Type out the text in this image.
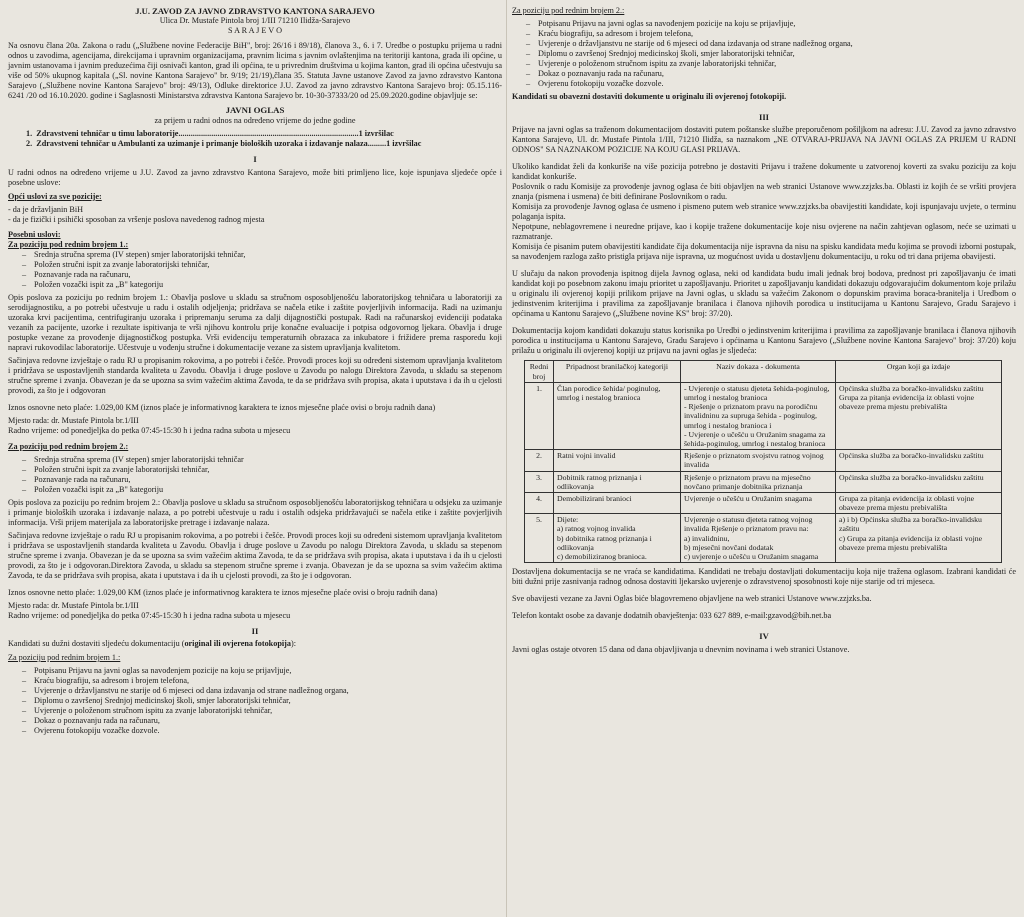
J.U. ZAVOD ZA JAVNO ZDRAVSTVO KANTONA SARAJEVO

Ulica Dr. Mustafe Pintola broj 1/III 71210 Ilidža-Sarajevo

S A R A J E V O

Na osnovu člana 20a. Zakona o radu („Službene novine Federacije BiH", broj: 26/16 i 89/18), članova 3., 6. i 7. Uredbe o postupku prijema u radni odnos u zavodima, agencijama, direkcijama i upravnim organizacijama, pravnim licima s javnim ovlaštenjima na teritoriji kantona, grada ili općine, u javnim ustanovama i javnim preduzećima čiji osnivači kanton, grad ili općina, te u privrednim društvima u kojima kanton, grad ili općina učestvuju sa više od 50% ukupnog kapitala („Sl. novine Kantona Sarajevo" br. 9/19; 21/19),člana 35. Statuta Javne ustanove Zavod za javno zdravstvo Kantona Sarajevo („Službene novine Kantona Sarajevo" broj: 49/13), Odluke direktorice J.U. Zavod za javno zdravstvo Kantona Sarajevo broj: 05.15.116-6241 /20 od 16.10.2020. godine i Saglasnosti Ministarstva zdravstva Kantona Sarajevo br. 10-30-37333/20 od 25.09.2020.godine objavljuje se:

JAVNI OGLAS

za prijem u radni odnos na određeno vrijeme do jedne godine

1. Zdravstveni tehničar u timu laboratorije........................................................................................1 izvršilac
2. Zdravstveni tehničar u Ambulanti za uzimanje i primanje bioloških uzoraka i izdavanje nalaza.........1 izvršilac

I

U radni odnos na određeno vrijeme u J.U. Zavod za javno zdravstvo Kantona Sarajevo, može biti primljeno lice, koje ispunjava sljedeće opće i posebne uslove:

Opći uslovi za sve pozicije:

- da je državljanin BiH

- da je fizički i psihički sposoban za vršenje poslova navedenog radnog mjesta

Posebni uslovi:

Za poziciju pod rednim brojem 1.:

– Srednja stručna sprema (IV stepen) smjer laboratorijski tehničar,
– Položen stručni ispit za zvanje laboratorijski tehničar,
– Poznavanje rada na računaru,
– Položen vozački ispit za „B" kategoriju

Opis poslova za poziciju po rednim brojem 1.: Obavlja poslove u skladu sa stručnom osposobljenošću laboratorijskog tehničara u laboratoriji za serodijagnostiku, a po potrebi učestvuje u radu i ostalih odjeljenja; pridržava se načela etike i zaštite povjerljivih informacija. Radi na uzimanju uzoraka krvi pacijentima, centrifugiranju uzoraka i pripremanju seruma za dalji dijagnostički postupak. Radi na računarskoj evidenciji podataka vezanih za pacijente, uzorke i rezultate ispitivanja te vrši njihovu kontrolu prije konačne evaluacije i potpisa odgovornog ljekara. Obavlja i druge postupke vezane za provođenje dijagnostičkog postupka. Vrši evidenciju temperaturnih obrazaca za inkubatore i frižidere prema rasporedu koji napravi rukovodilac laboratorije. Učestvuje u vođenju stručne i dokumentacije vezane za sistem upravljanja kvalitetom.

Sačinjava redovne izvještaje o radu RJ u propisanim rokovima, a po potrebi i češće. Provodi proces koji su određeni sistemom upravljanja kvalitetom i pridržava se uspostavljenih standarda kvaliteta u Zavodu. Obavlja i druge poslove u Zavodu po nalogu Direktora Zavoda, u skladu sa stepenom stručne spreme i zvanja. Obavezan je da se upozna sa svim važećim aktima Zavoda, te da se pridržava svih propisa, akata i uputstava i da ih u cjelosti provodi, za što je i odgovoran

Iznos osnovne neto plaće: 1.029,00 KM (iznos plaće je informativnog karaktera te iznos mjesečne plaće ovisi o broju radnih dana)

Mjesto rada: dr. Mustafe Pintola br.1/III

Radno vrijeme: od ponedjeljka do petka 07:45-15:30 h i jedna radna subota u mjesecu

Za poziciju pod rednim brojem 2.:

– Srednja stručna sprema (IV stepen) smjer laboratorijski tehničar
– Položen stručni ispit za zvanje laboratorijski tehničar,
– Poznavanje rada na računaru,
– Položen vozački ispit za „B" kategoriju

Opis poslova za poziciju po rednim brojem 2.: Obavlja poslove u skladu sa stručnom osposobljenošću laboratorijskog tehničara u odsjeku za uzimanje i primanje bioloških uzoraka i izdavanje nalaza, a po potrebi učestvuje u radu i ostalih odsjeka pridržavajući se načela etike i zaštite povjerljivih informacija. Vrši prijem materijala za laboratorijske pretrage i izdavanje nalaza.

Sačinjava redovne izvještaje o radu RJ u propisanim rokovima, a po potrebi i češće. Provodi proces koji su određeni sistemom upravljanja kvalitetom i pridržava se uspostavljenih standarda kvaliteta u Zavodu. Obavlja i druge poslove u Zavodu po nalogu Direktora Zavoda, u skladu sa stepenom stručne spreme i zvanja. Obavezan je da se upozna sa svim važećim aktima Zavoda, te da se pridržava svih propisa, akata i uputstava i da ih u cjelosti provodi, za što je i odgovoran.Direktora Zavoda, u skladu sa stepenom stručne spreme i zvanja. Obavezan je da se upozna sa svim važećim aktima Zavoda, te da se pridržava svih propisa, akata i uputstava i da ih u cjelosti provodi, za što je i odgovoran.

Iznos osnovne netto plaće: 1.029,00 KM (iznos plaće je informativnog karaktera te iznos mjesečne plaće ovisi o broju radnih dana)

Mjesto rada: dr. Mustafe Pintola br.1/III

Radno vrijeme: od ponedjeljka do petka 07:45-15:30 h i jedna radna subota u mjesecu

II

Kandidati su dužni dostaviti sljedeću dokumentaciju (original ili ovjerena fotokopija):

Za poziciju pod rednim brojem 1.:

– Potpisanu Prijavu na javni oglas sa navođenjem pozicije na koju se prijavljuje,
– Kraću biografiju, sa adresom i brojem telefona,
– Uvjerenje o državljanstvu ne starije od 6 mjeseci od dana izdavanja od strane nadležnog organa,
– Diplomu o završenoj Srednjoj medicinskoj školi, smjer laboratorijski tehničar,
– Uvjerenje o položenom stručnom ispitu za zvanje laboratorijski tehničar,
– Dokaz o poznavanju rada na računaru,
– Ovjerenu fotokopiju vozačke dozvole.

Za poziciju pod rednim brojem 2.:

– Potpisanu Prijavu na javni oglas sa navođenjem pozicije na koju se prijavljuje,
– Kraću biografiju, sa adresom i brojem telefona,
– Uvjerenje o državljanstvu ne starije od 6 mjeseci od dana izdavanja od strane nadležnog organa,
– Diplomu o završenoj Srednjoj medicinskoj školi, smjer laboratorijski tehničar,
– Uvjerenje o položenom stručnom ispitu za zvanje laboratorijski tehničar,
– Dokaz o poznavanju rada na računaru,
– Ovjerenu fotokopiju vozačke dozvole.

Kandidati su obavezni dostaviti dokumente u originalu ili ovjerenoj fotokopiji.

III

Prijave na javni oglas sa traženom dokumentacijom dostaviti putem poštanske službe preporučenom pošiljkom na adresu: J.U. Zavod za javno zdravstvo Kantona Sarajevo, Ul. dr. Mustafe Pintola 1/III, 71210 Ilidža, sa naznakom „NE OTVARAJ-PRIJAVA NA JAVNI OGLAS ZA PRIJEM U RADNI ODNOS" SA NAZNAKOM POZICIJE NA KOJU GLASI PRIJAVA.

Ukoliko kandidat želi da konkuriše na više pozicija potrebno je dostaviti Prijavu i tražene dokumente u zatvorenoj koverti za svaku poziciju za koju kandidat konkuriše.

Poslovnik o radu Komisije za provođenje javnog oglasa će biti objavljen na web stranici Ustanove www.zzjzks.ba. Oblasti iz kojih će se vršiti provjera znanja (pismena i usmena) će biti definirane Poslovnikom o radu.

Komisija za provođenje Javnog oglasa će usmeno i pismeno putem web stranice www.zzjzks.ba obavijestiti kandidate, koji ispunjavaju uvjete, o terminu polaganja ispita.

Nepotpune, neblagovremene i neuredne prijave, kao i kopije tražene dokumentacije koje nisu ovjerene na način zahtjevan oglasom, neće se uzimati u razmatranje.

Komisija će pisanim putem obavijestiti kandidate čija dokumentacija nije ispravna da nisu na spisku kandidata među kojima se provodi izborni postupak, sa navođenjem razloga zašto pristigla prijava nije ispravna, uz mogućnost uvida u dostavljenu dokumentaciju, u roku od tri dana prijema obavijesti.

U slučaju da nakon provođenja ispitnog dijela Javnog oglasa, neki od kandidata budu imali jednak broj bodova, prednost pri zapošljavanju će imati kandidat koji po posebnom zakonu imaju prioritet u zapošljavanju. Prioritet u zapošljavanju kandidati dokazuju odgovarajućim dokumentom koje prilažu u originalu ili ovjerenoj kopiji prilikom prijave na Javni oglas, u skladu sa važećim Zakonom o dopunskim pravima boraca-branitelja i Uredbom o jedinstvenim kriterijima i pravilima za zapošljavanje branilaca i članova njihovih porodica u institucijama u Kantonu Sarajevo, Gradu Sarajevo i općinama u Kantonu Sarajevo („Službene novine KS" broj: 37/20).

Dokumentacija kojom kandidati dokazuju status korisnika po Uredbi o jedinstvenim kriterijima i pravilima za zapošljavanje branilaca i članova njihovih porodica u institucijama u Kantonu Sarajevo, Gradu Sarajevo i općinama u Kantonu Sarajevo („Službene novine Kantona Sarajevo" broj: 37/20) koju prilažu u originalu ili ovjerenoj kopiji uz prijavu na javni oglas je sljedeća:

Redni broj	Pripadnost branilačkoj kategoriji	Naziv dokaza - dokumenta	Organ koji ga izdaje
1.	Član porodice šehida/ poginulog, umrlog i nestalog branioca	- Uvjerenje o statusu djeteta šehida-poginulog, umrlog i nestalog branioca
- Rješenje o priznatom pravu na porodičnu invalidninu za supruga šehida - poginulog, umrlog i nestalog branioca i
- Uvjerenje o učešću u Oružanim snagama za šehida-poginulog, umrlog i nestalog branioca	Općinska služba za boračko-invalidsku zaštitu
Grupa za pitanja evidencija iz oblasti vojne obaveze prema mjestu prebivališta
2.	Ratni vojni invalid	Rješenje o priznatom svojstvu ratnog vojnog invalida	Općinska služba za boračko-invalidsku zaštitu
3.	Dobitnik ratnog priznanja i odlikovanja	Rješenje o priznatom pravu na mjesečno novčano primanje dobitnika priznanja	Općinska služba za boračko-invalidsku zaštitu
4.	Demobilizirani branioci	Uvjerenje o učešću u Oružanim snagama	Grupa za pitanja evidencija iz oblasti vojne obaveze prema mjestu prebivališta
5.	Dijete:
a) ratnog vojnog invalida
b) dobitnika ratnog priznanja i odlikovanja
c) demobiliziranog branioca.	Uvjerenje o statusu djeteta ratnog vojnog invalida Rješenje o priznatom pravu na:
a) invalidninu,
b) mjesečni novčani dodatak
c) uvjerenje o učešću u Oružanim snagama	a) i b) Općinska služba za boračko-invalidsku zaštitu
c) Grupa za pitanja evidencija iz oblasti vojne obaveze prema mjestu prebivališta

Dostavljena dokumentacija se ne vraća se kandidatima. Kandidati ne trebaju dostavljati dokumentaciju koja nije tražena oglasom. Izabrani kandidati će biti dužni prije zasnivanja radnog odnosa dostaviti ljekarsko uvjerenje o zdravstvenoj sposobnosti koje nije starije od tri mjeseca.

Sve obavijesti vezane za Javni Oglas biće blagovremeno objavljene na web stranici Ustanove www.zzjzks.ba.

Telefon kontakt osobe za davanje dodatnih obavještenja: 033 627 889, e-mail:gzavod@bih.net.ba

IV

Javni oglas ostaje otvoren 15 dana od dana objavljivanja u dnevnim novinama i web stranici Ustanove.
